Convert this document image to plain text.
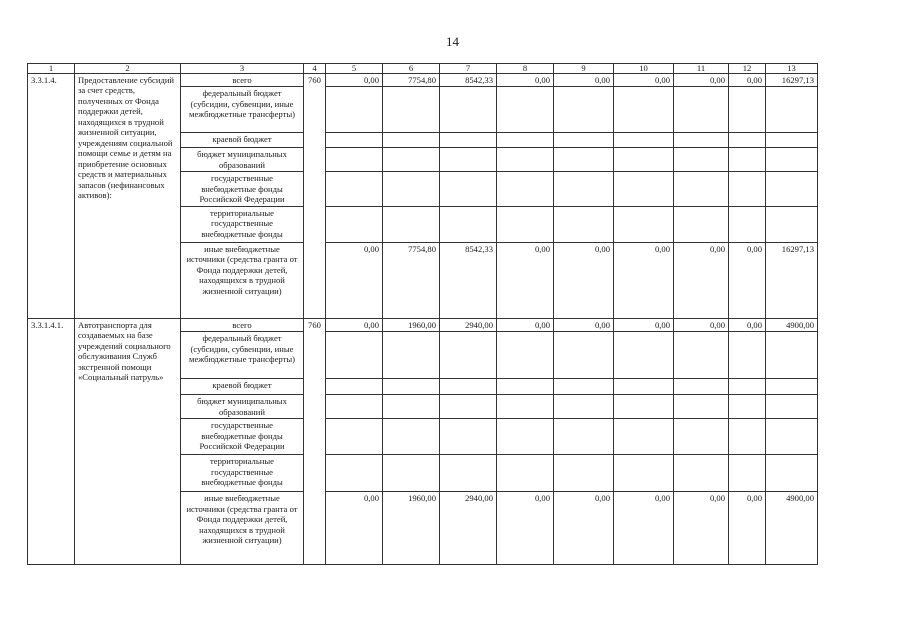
14
1	2	3	4	5	6	7	8	9	10	11	12	13
3.3.1.4.	Предоставление субсидий за счет средств, полученных от Фонда поддержки детей, находящихся в трудной жизненной ситуации, учреждениям социальной помощи семье и детям на приобретение основных средств и материальных запасов (нефинансовых активов):	всего	760	0,00	7754,80	8542,33	0,00	0,00	0,00	0,00	0,00	16297,13
		федеральный бюджет (субсидии, субвенции, иные межбюджетные трансферты)										
		краевой бюджет										
		бюджет муниципальных образований										
		государственные внебюджетные фонды Российской Федерации										
		территориальные государственные внебюджетные фонды										
		иные внебюджетные источники (средства гранта от Фонда поддержки детей, находящихся в трудной жизненной ситуации)		0,00	7754,80	8542,33	0,00	0,00	0,00	0,00	0,00	16297,13
3.3.1.4.1.	Автотранспорта для создаваемых на базе учреждений социального обслуживания Служб экстренной помощи «Социальный патруль»	всего	760	0,00	1960,00	2940,00	0,00	0,00	0,00	0,00	0,00	4900,00
		федеральный бюджет (субсидии, субвенции, иные межбюджетные трансферты)										
		краевой бюджет										
		бюджет муниципальных образований										
		государственные внебюджетные фонды Российской Федерации										
		территориальные государственные внебюджетные фонды										
		иные внебюджетные источники (средства гранта от Фонда поддержки детей, находящихся в трудной жизненной ситуации)		0,00	1960,00	2940,00	0,00	0,00	0,00	0,00	0,00	4900,00
